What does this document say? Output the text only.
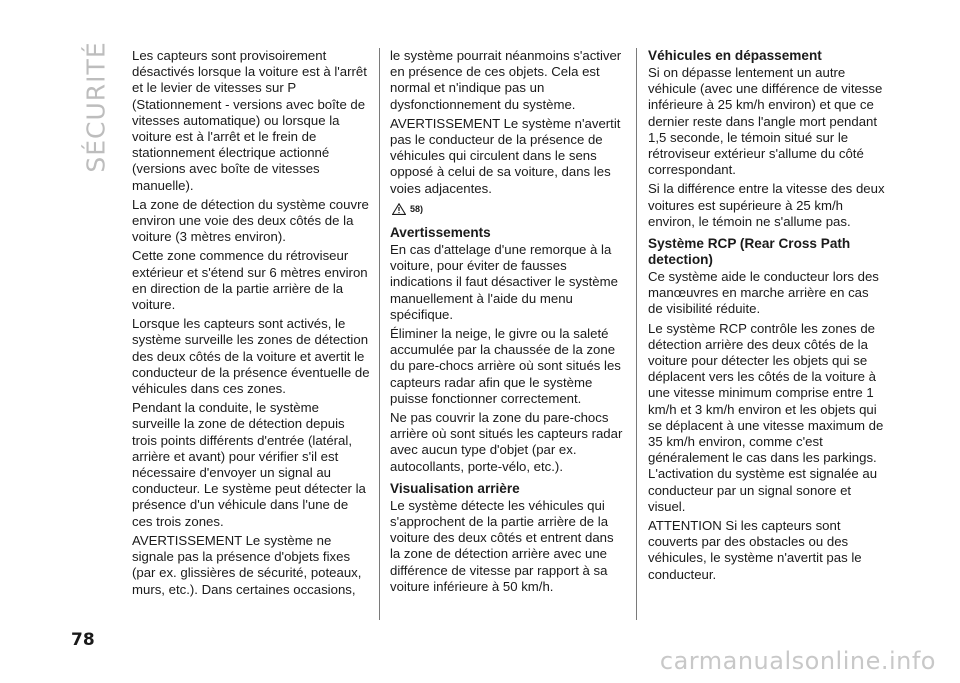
SÉCURITÉ Les capteurs sont provisoirement désactivés lorsque la voiture est à l'arrêt et le levier de vitesses sur P (Stationnement - versions avec boîte de vitesses automatique) ou lorsque la voiture est à l'arrêt et le frein de stationnement électrique actionné (versions avec boîte de vitesses manuelle).

La zone de détection du système couvre environ une voie des deux côtés de la voiture (3 mètres environ).

Cette zone commence du rétroviseur extérieur et s'étend sur 6 mètres environ en direction de la partie arrière de la voiture.

Lorsque les capteurs sont activés, le système surveille les zones de détection des deux côtés de la voiture et avertit le conducteur de la présence éventuelle de véhicules dans ces zones.

Pendant la conduite, le système surveille la zone de détection depuis trois points différents d'entrée (latéral, arrière et avant) pour vérifier s'il est nécessaire d'envoyer un signal au conducteur. Le système peut détecter la présence d'un véhicule dans l'une de ces trois zones.

AVERTISSEMENT Le système ne signale pas la présence d'objets fixes (par ex. glissières de sécurité, poteaux, murs, etc.). Dans certaines occasions,

le système pourrait néanmoins s'activer en présence de ces objets. Cela est normal et n'indique pas un dysfonctionnement du système.

AVERTISSEMENT Le système n'avertit pas le conducteur de la présence de véhicules qui circulent dans le sens opposé à celui de sa voiture, dans les voies adjacentes.

58)
Avertissements

En cas d'attelage d'une remorque à la voiture, pour éviter de fausses indications il faut désactiver le système manuellement à l'aide du menu spécifique.

Éliminer la neige, le givre ou la saleté accumulée par la chaussée de la zone du pare-chocs arrière où sont situés les capteurs radar afin que le système puisse fonctionner correctement.

Ne pas couvrir la zone du pare-chocs arrière où sont situés les capteurs radar avec aucun type d'objet (par ex. autocollants, porte-vélo, etc.).

Visualisation arrière

Le système détecte les véhicules qui s'approchent de la partie arrière de la voiture des deux côtés et entrent dans la zone de détection arrière avec une différence de vitesse par rapport à sa voiture inférieure à 50 km/h.

Véhicules en dépassement

Si on dépasse lentement un autre véhicule (avec une différence de vitesse inférieure à 25 km/h environ) et que ce dernier reste dans l'angle mort pendant 1,5 seconde, le témoin situé sur le rétroviseur extérieur s'allume du côté correspondant.

Si la différence entre la vitesse des deux voitures est supérieure à 25 km/h environ, le témoin ne s'allume pas.

Système RCP (Rear Cross Path detection)

Ce système aide le conducteur lors des manœuvres en marche arrière en cas de visibilité réduite.

Le système RCP contrôle les zones de détection arrière des deux côtés de la voiture pour détecter les objets qui se déplacent vers les côtés de la voiture à une vitesse minimum comprise entre 1 km/h et 3 km/h environ et les objets qui se déplacent à une vitesse maximum de 35 km/h environ, comme c'est généralement le cas dans les parkings. L'activation du système est signalée au conducteur par un signal sonore et visuel.

ATTENTION Si les capteurs sont couverts par des obstacles ou des véhicules, le système n'avertit pas le conducteur.

78
carmanualsonline.info
